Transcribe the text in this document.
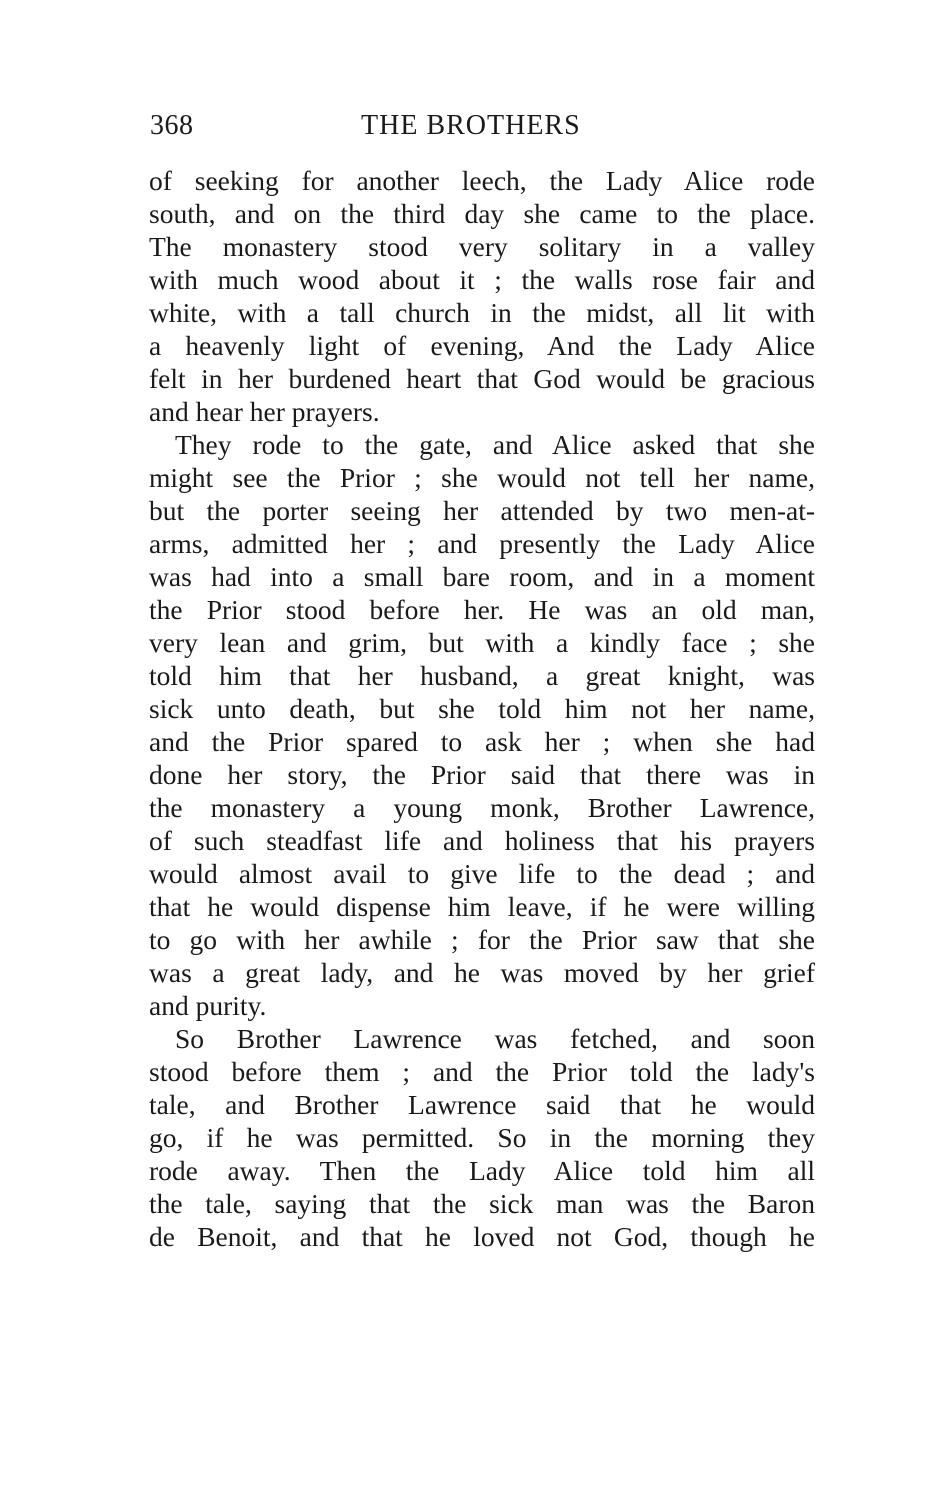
368	THE BROTHERS

of seeking for another leech, the Lady Alice rode
south, and on the third day she came to the place.
The monastery stood very solitary in a valley
with much wood about it ; the walls rose fair and
white, with a tall church in the midst, all lit with
a heavenly light of evening, And the Lady Alice
felt in her burdened heart that God would be gracious
and hear her prayers.

They rode to the gate, and Alice asked that she
might see the Prior ; she would not tell her name,
but the porter seeing her attended by two men-at-
arms, admitted her ; and presently the Lady Alice
was had into a small bare room, and in a moment
the Prior stood before her. He was an old man,
very lean and grim, but with a kindly face ; she
told him that her husband, a great knight, was
sick unto death, but she told him not her name,
and the Prior spared to ask her ; when she had
done her story, the Prior said that there was in
the monastery a young monk, Brother Lawrence,
of such steadfast life and holiness that his prayers
would almost avail to give life to the dead ; and
that he would dispense him leave, if he were willing
to go with her awhile ; for the Prior saw that she
was a great lady, and he was moved by her grief
and purity.

So Brother Lawrence was fetched, and soon
stood before them ; and the Prior told the lady's
tale, and Brother Lawrence said that he would
go, if he was permitted. So in the morning they
rode away. Then the Lady Alice told him all
the tale, saying that the sick man was the Baron
de Benoit, and that he loved not God, though he
